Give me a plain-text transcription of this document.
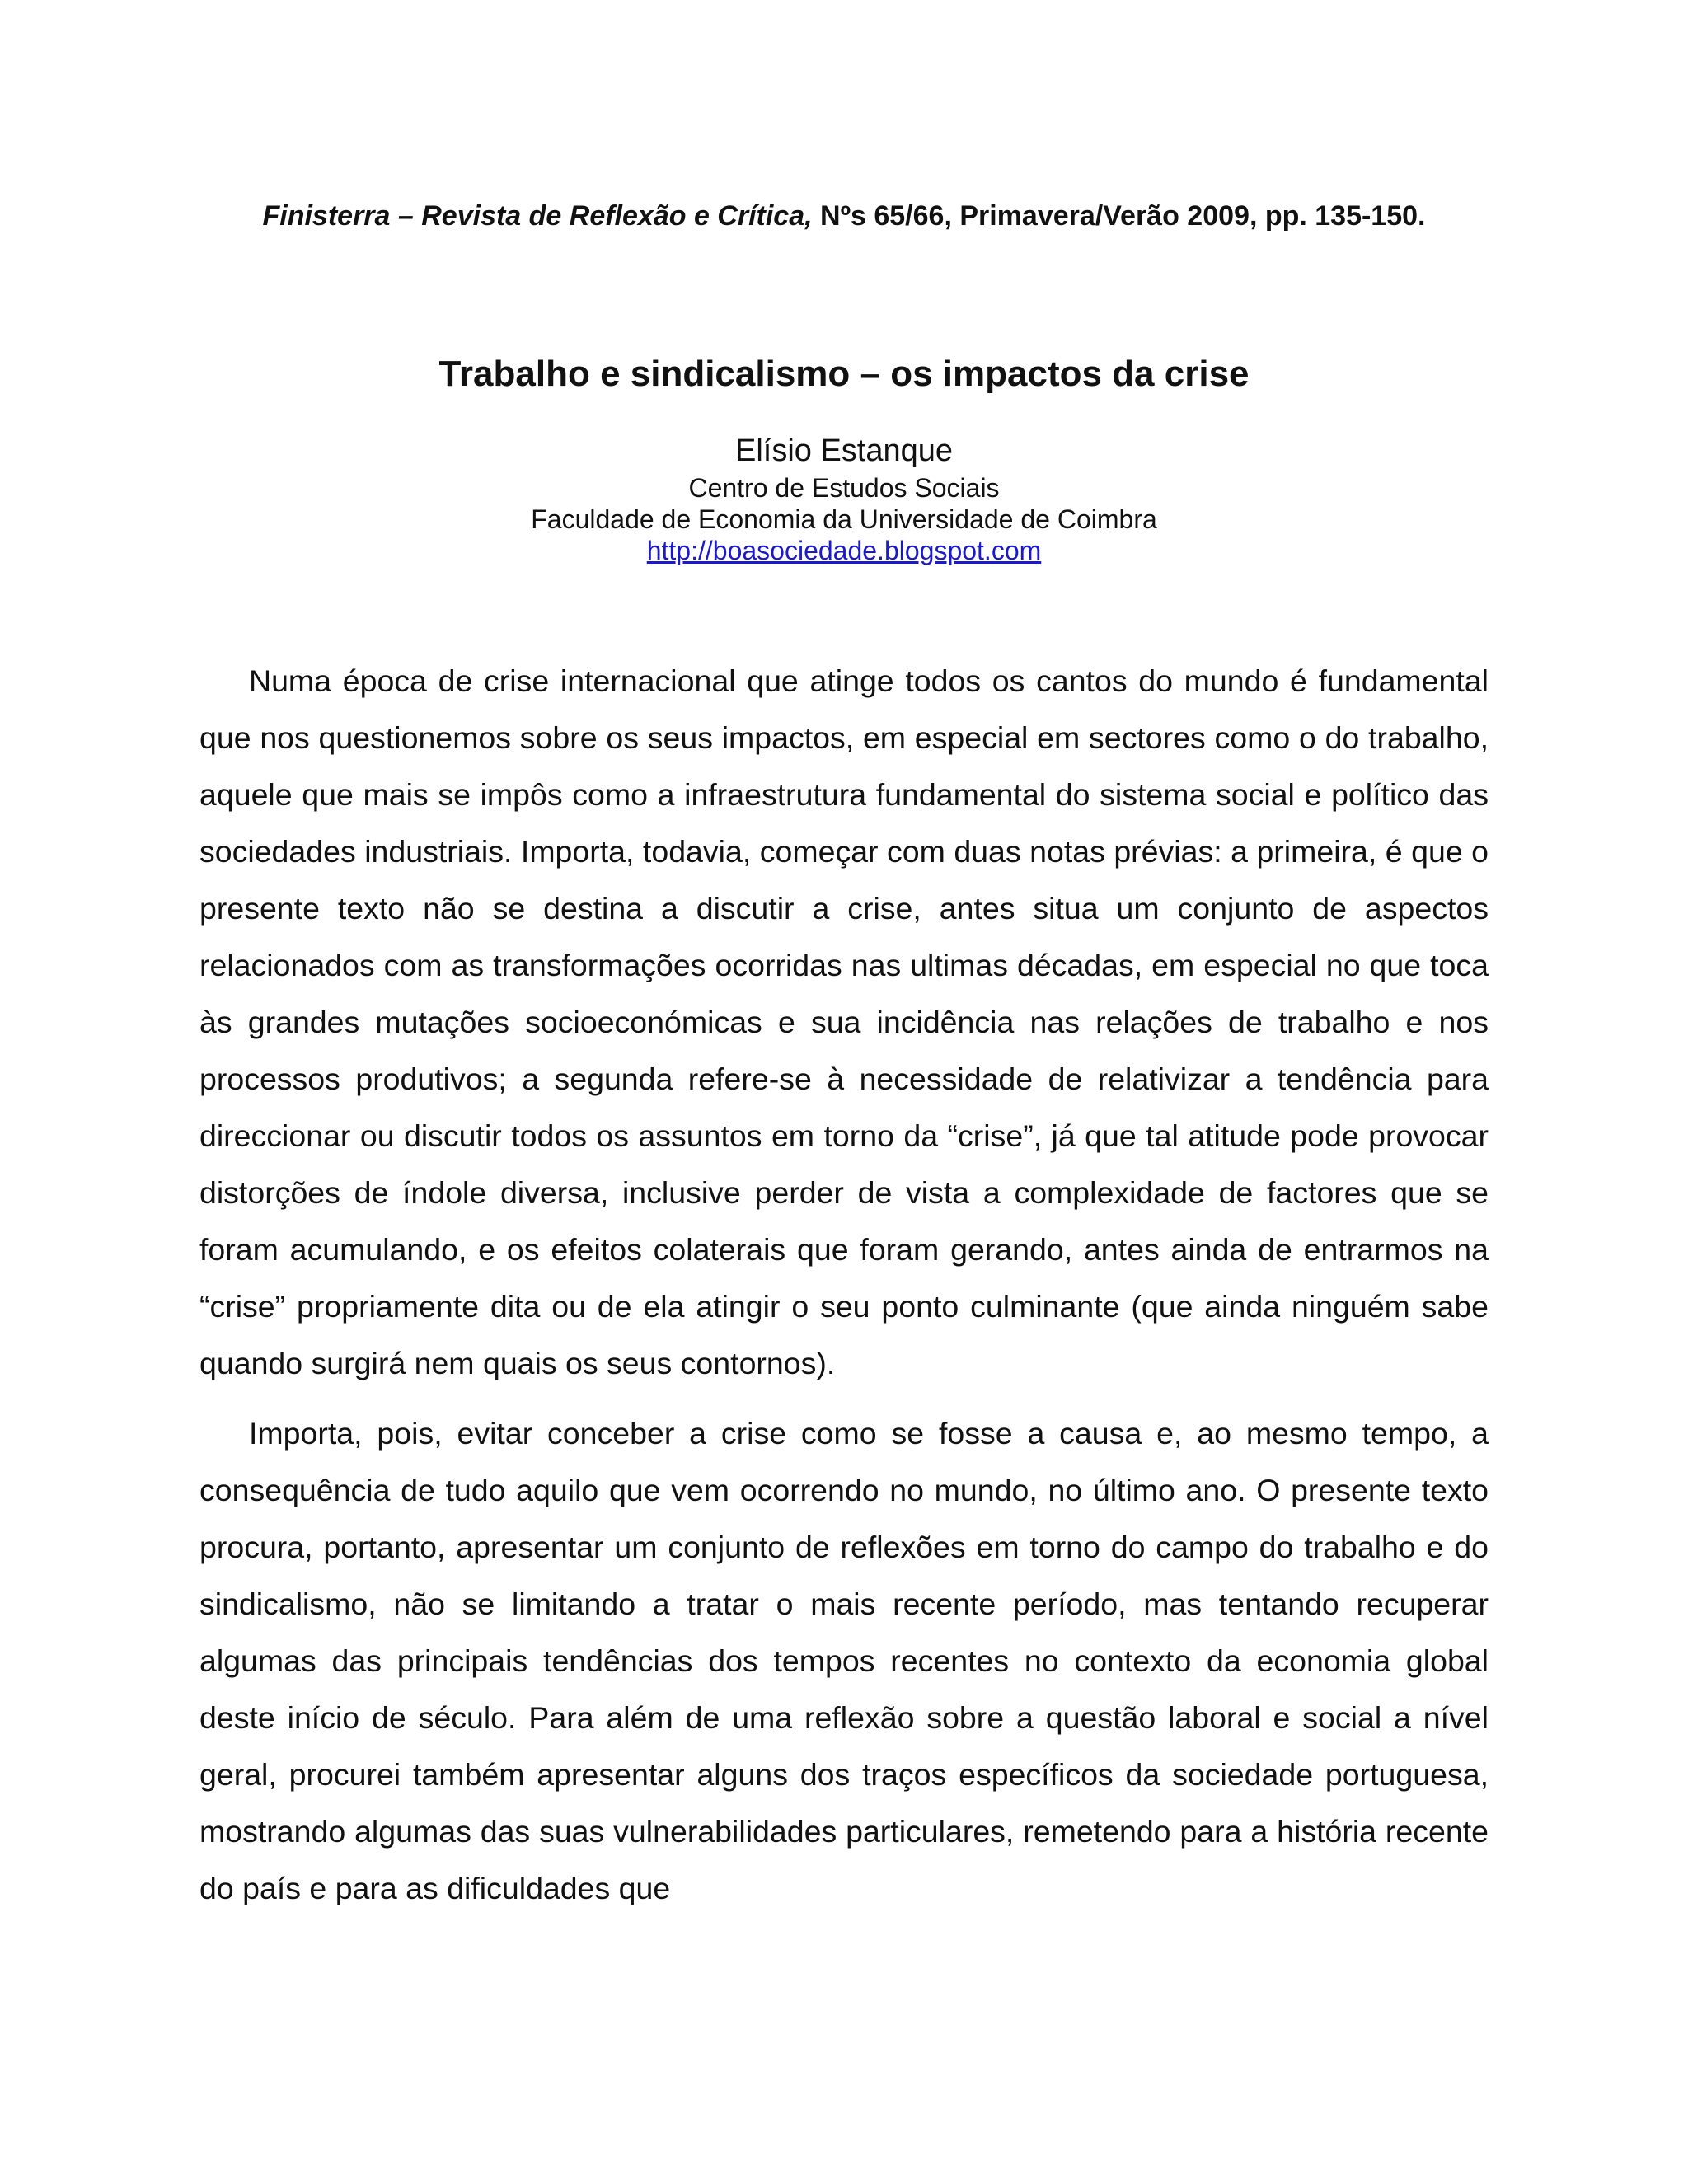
Finisterra – Revista de Reflexão e Crítica, Nºs 65/66, Primavera/Verão 2009, pp. 135-150.
Trabalho e sindicalismo – os impactos da crise
Elísio Estanque
Centro de Estudos Sociais
Faculdade de Economia da Universidade de Coimbra
http://boasociedade.blogspot.com

Numa época de crise internacional que atinge todos os cantos do mundo é fundamental que nos questionemos sobre os seus impactos, em especial em sectores como o do trabalho, aquele que mais se impôs como a infraestrutura fundamental do sistema social e político das sociedades industriais. Importa, todavia, começar com duas notas prévias: a primeira, é que o presente texto não se destina a discutir a crise, antes situa um conjunto de aspectos relacionados com as transformações ocorridas nas ultimas décadas, em especial no que toca às grandes mutações socioeconómicas e sua incidência nas relações de trabalho e nos processos produtivos; a segunda refere-se à necessidade de relativizar a tendência para direccionar ou discutir todos os assuntos em torno da “crise”, já que tal atitude pode provocar distorções de índole diversa, inclusive perder de vista a complexidade de factores que se foram acumulando, e os efeitos colaterais que foram gerando, antes ainda de entrarmos na “crise” propriamente dita ou de ela atingir o seu ponto culminante (que ainda ninguém sabe quando surgirá nem quais os seus contornos).

Importa, pois, evitar conceber a crise como se fosse a causa e, ao mesmo tempo, a consequência de tudo aquilo que vem ocorrendo no mundo, no último ano. O presente texto procura, portanto, apresentar um conjunto de reflexões em torno do campo do trabalho e do sindicalismo, não se limitando a tratar o mais recente período, mas tentando recuperar algumas das principais tendências dos tempos recentes no contexto da economia global deste início de século. Para além de uma reflexão sobre a questão laboral e social a nível geral, procurei também apresentar alguns dos traços específicos da sociedade portuguesa, mostrando algumas das suas vulnerabilidades particulares, remetendo para a história recente do país e para as dificuldades que
